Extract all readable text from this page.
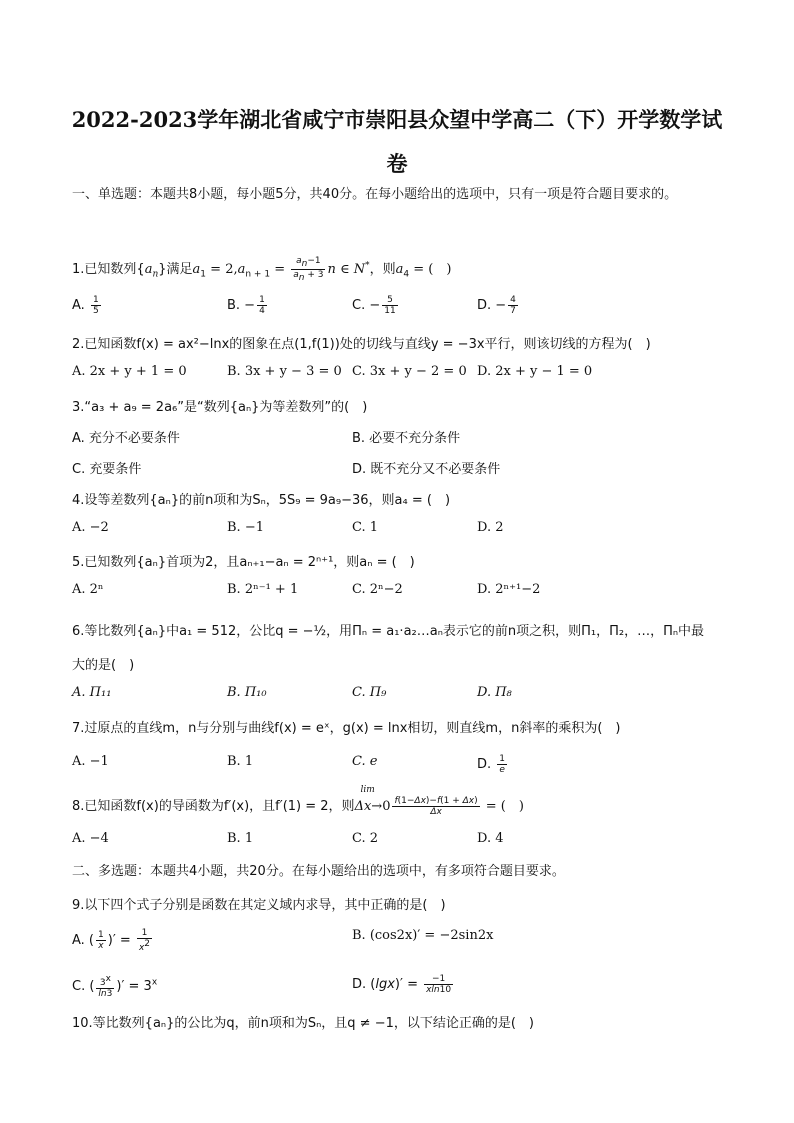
2022-2023学年湖北省咸宁市崇阳县众望中学高二（下）开学数学试卷
一、单选题：本题共8小题，每小题5分，共40分。在每小题给出的选项中，只有一项是符合题目要求的。
1.已知数列$\{a_n\}$满足$a_1 = 2,a_{n + 1} = \frac{a_n-1}{a_n + 3}$ n ∈ N*，则$a_4$ = (　)
A. $\frac{1}{5}$	B. − $\frac{1}{4}$	C. − $\frac{5}{11}$	D. − $\frac{4}{7}$
2.已知函数f(x) = ax²−lnx的图象在点(1,f(1))处的切线与直线y = −3x平行，则该切线的方程为(　)
A. 2x + y + 1 = 0	B. 3x + y − 3 = 0 C. 3x + y − 2 = 0 D. 2x + y − 1 = 0
3.“a₃ + a₉ = 2a₆”是“数列{aₙ}为等差数列”的(　)
A. 充分不必要条件	B. 必要不充分条件
C. 充要条件	D. 既不充分又不必要条件
4.设等差数列{aₙ}的前n项和为Sₙ，5S₉ = 9a₉−36，则a₄ = (　)
A. −2	B. −1	C. 1	D. 2
5.已知数列{aₙ}首项为2，且aₙ₊₁−aₙ = 2ⁿ⁺¹，则aₙ = (　)
A. 2ⁿ	B. 2ⁿ⁻¹ + 1	C. 2ⁿ−2	D. 2ⁿ⁺¹−2
6.等比数列{aₙ}中a₁ = 512，公比q = −½，用Πₙ = a₁·a₂…aₙ表示它的前n项之积，则Π₁，Π₂，…，Πₙ中最
大的是(　)
A. Π₁₁	B. Π₁₀	C. Π₉	D. Π₈
7.过原点的直线m，n与分别与曲线f(x) = eˣ，g(x) = lnx相切，则直线m，n斜率的乘积为(　)
A. −1	B. 1	C. e	D. $\frac{1}{e}$
8.已知函数f(x)的导函数为f′(x)，且f′(1) = 2，则Δx→0
lim
$\frac{f(1-\Delta x)-f(1 + \Delta x)}{\Delta x}$ = (　)
A. −4	B. 1	C. 2	D. 4
二、多选题：本题共4小题，共20分。在每小题给出的选项中，有多项符合题目要求。
9.以下四个式子分别是函数在其定义域内求导，其中正确的是(　)
A. ( $\frac{1}{x}$ )′ = $\frac{1}{x^2}$	B. (cos2x)′ = −2sin2x
C. ( $\frac{3^x}{\ln 3}$ )′ = $3^x$	D. $(\lg x)' = \frac{-1}{xln10}$
10.等比数列{aₙ}的公比为q，前n项和为Sₙ，且q ≠ −1，以下结论正确的是(　)
